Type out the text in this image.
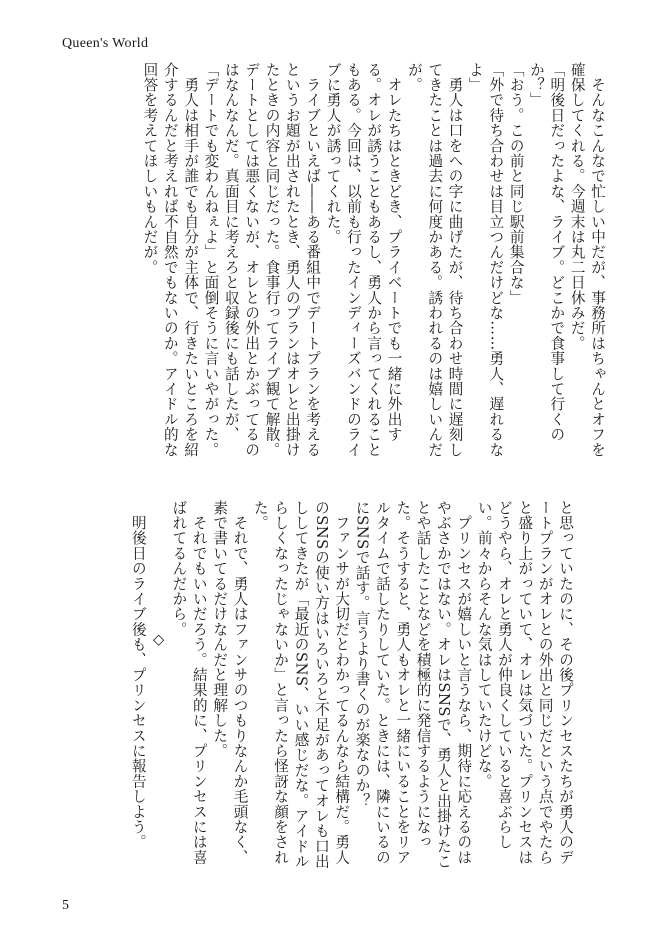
Queen's World

　そんなこんなで忙しい中だが、事務所はちゃんとオフを確保してくれる。今週末は丸二日休みだ。

「明後日だったよな、ライブ。どこかで食事して行くのか？」

「おう。この前と同じ駅前集合な」

「外で待ち合わせは目立つんだけどな……勇人、遅れるなよ」

　勇人は口をへの字に曲げたが、待ち合わせ時間に遅刻してきたことは過去に何度かある。誘われるのは嬉しいんだが。

　オレたちはときどき、プライベートでも一緒に外出する。オレが誘うこともあるし、勇人から言ってくれることもある。今回は、以前も行ったインディーズバンドのライブに勇人が誘ってくれた。

　ライブといえば――ある番組中でデートプランを考えるというお題が出されたとき、勇人のプランはオレと出掛けたときの内容と同じだった。食事行ってライブ観て解散。デートとしては悪くないが、オレとの外出とかぶってるのはなんなんだ。真面目に考えろと収録後にも話したが、

「デートでも変わんねぇよ」と面倒そうに言いやがった。

　勇人は相手が誰でも自分が主体で、行きたいところを紹介するんだと考えれば不自然でもないのか。アイドル的な回答を考えてほしいもんだが。

と思っていたのに、その後プリンセスたちが勇人のデートプランがオレとの外出と同じだという点でやたらと盛り上がっていて、オレは気づいた。プリンセスはどうやら、オレと勇人が仲良くしていると喜ぶらしい。前々からそんな気はしていたけどな。

　プリンセスが嬉しいと言うなら、期待に応えるのはやぶさかではない。オレはSNSで、勇人と出掛けたことや話したことなどを積極的に発信するようになった。そうすると、勇人もオレと一緒にいることをリアルタイムで話したりしていた。ときには、隣にいるのにSNSで話す。言うより書くのが楽なのか？

　ファンサが大切だとわかってるんなら結構だ。勇人のSNSの使い方はいろいろと不足があってオレも口出ししてきたが「最近のSNS、いい感じだな。アイドルらしくなったじゃないか」と言ったら怪訝な顔をされた。

　それで、勇人はファンサのつもりなんか毛頭なく、素で書いてるだけなんだと理解した。

　それでもいいだろう。結果的に、プリンセスには喜ばれてるんだから。

◇

　明後日のライブ後も、プリンセスに報告しよう。

5
